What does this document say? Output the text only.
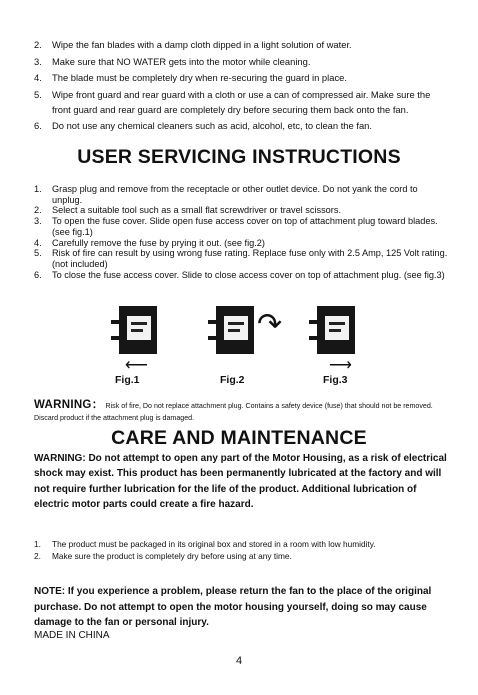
2. Wipe the fan blades with a damp cloth dipped in a light solution of water.
3. Make sure that NO WATER gets into the motor while cleaning.
4. The blade must be completely dry when re-securing the guard in place.
5. Wipe front guard and rear guard with a cloth or use a can of compressed air. Make sure the front guard and rear guard are completely dry before securing them back onto the fan.
6. Do not use any chemical cleaners such as acid, alcohol, etc, to clean the fan.
USER SERVICING INSTRUCTIONS
1. Grasp plug and remove from the receptacle or other outlet device. Do not yank the cord to unplug.
2. Select a suitable tool such as a small flat screwdriver or travel scissors.
3. To open the fuse cover. Slide open fuse access cover on top of attachment plug toward blades. (see fig.1)
4. Carefully remove the fuse by prying it out. (see fig.2)
5. Risk of fire can result by using wrong fuse rating. Replace fuse only with 2.5 Amp, 125 Volt rating.(not included)
6. To close the fuse access cover. Slide to close access cover on top of attachment plug. (see fig.3)
↷
⟵	⟶
Fig.1	Fig.2	Fig.3
WARNING： Risk of fire, Do not replace attachment plug. Contains a safety device (fuse) that should not be removed. Discard product if the attachment plug is damaged.
CARE AND MAINTENANCE
WARNING: Do not attempt to open any part of the Motor Housing, as a risk of electrical shock may exist. This product has been permanently lubricated at the factory and will not require further lubrication for the life of the product. Additional lubrication of electric motor parts could create a fire hazard.
1. The product must be packaged in its original box and stored in a room with low humidity.
2. Make sure the product is completely dry before using at any time.
NOTE: If you experience a problem, please return the fan to the place of the original purchase. Do not attempt to open the motor housing yourself, doing so may cause damage to the fan or personal injury.
MADE IN CHINA
4
